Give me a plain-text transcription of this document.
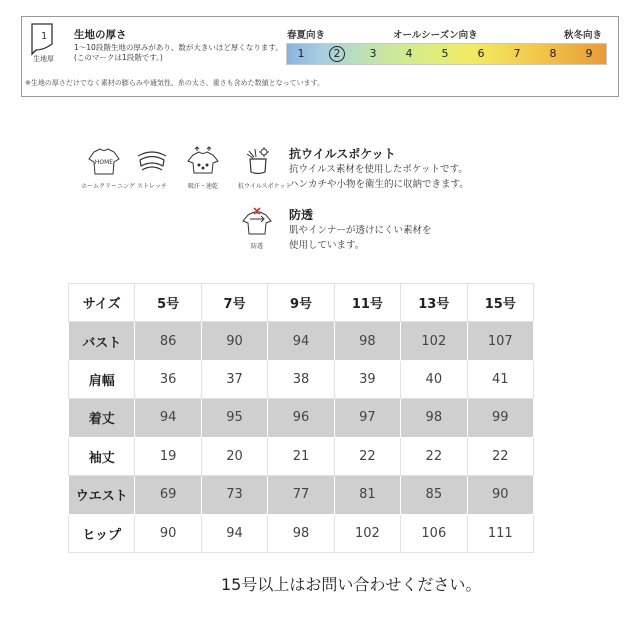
1
生地厚
生地の厚さ
1〜10段階生地の厚みがあり、数が大きいほど厚くなります。
(このマークは1段階です。)
春夏向き	オールシーズン向き	秋冬向き
1	2	3	4	5	6	7	8	9
※生地の厚さだけでなく素材の膨らみや通気性、糸の太さ、重さも含めた数値となっています。
HOME
ホームクリーニング ストレッチ	吸汗・速乾	抗ウイルスポケット
抗ウイルスポケット
抗ウイルス素材を使用したポケットです。
ハンカチや小物を衛生的に収納できます。
防透
防透
肌やインナーが透けにくい素材を
使用しています。
サイズ	5号	7号	9号	11号	13号	15号
バスト	86	90	94	98	102	107
肩幅	36	37	38	39	40	41
着丈	94	95	96	97	98	99
袖丈	19	20	21	22	22	22
ウエスト	69	73	77	81	85	90
ヒップ	90	94	98	102	106	111
15号以上はお問い合わせください。
